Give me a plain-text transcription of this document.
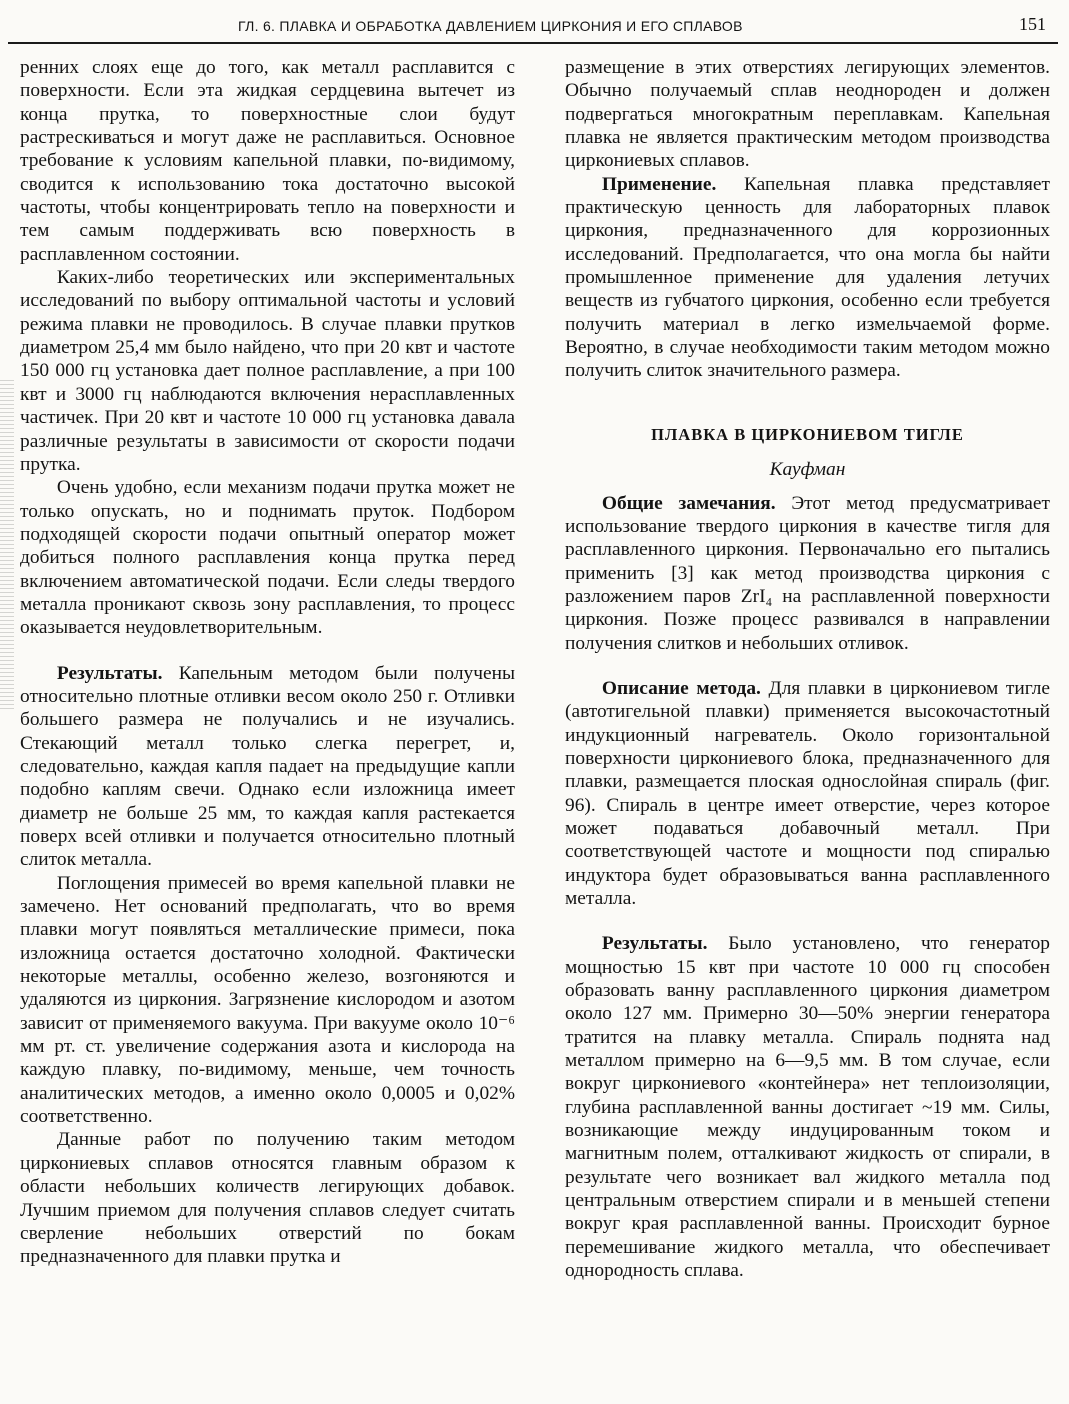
ГЛ. 6. ПЛАВКА И ОБРАБОТКА ДАВЛЕНИЕМ ЦИРКОНИЯ И ЕГО СПЛАВОВ	151

ренних слоях еще до того, как металл расплавится с поверхности. Если эта жидкая сердцевина вытечет из конца прутка, то поверхностные слои будут растрескиваться и могут даже не расплавиться. Основное требование к условиям капельной плавки, по-видимому, сводится к использованию тока достаточно высокой частоты, чтобы концентрировать тепло на поверхности и тем самым поддерживать всю поверхность в расплавленном состоянии.

Каких-либо теоретических или экспериментальных исследований по выбору оптимальной частоты и условий режима плавки не проводилось. В случае плавки прутков диаметром 25,4 мм было найдено, что при 20 квт и частоте 150 000 гц установка дает полное расплавление, а при 100 квт и 3000 гц наблюдаются включения нерасплавленных частичек. При 20 квт и частоте 10 000 гц установка давала различные результаты в зависимости от скорости подачи прутка.

Очень удобно, если механизм подачи прутка может не только опускать, но и поднимать пруток. Подбором подходящей скорости подачи опытный оператор может добиться полного расплавления конца прутка перед включением автоматической подачи. Если следы твердого металла проникают сквозь зону расплавления, то процесс оказывается неудовлетворительным.

Результаты. Капельным методом были получены относительно плотные отливки весом около 250 г. Отливки большего размера не получались и не изучались. Стекающий металл только слегка перегрет, и, следовательно, каждая капля падает на предыдущие капли подобно каплям свечи. Однако если изложница имеет диаметр не больше 25 мм, то каждая капля растекается поверх всей отливки и получается относительно плотный слиток металла.

Поглощения примесей во время капельной плавки не замечено. Нет оснований предполагать, что во время плавки могут появляться металлические примеси, пока изложница остается достаточно холодной. Фактически некоторые металлы, особенно железо, возгоняются и удаляются из циркония. Загрязнение кислородом и азотом зависит от применяемого вакуума. При вакууме около 10⁻⁶ мм рт. ст. увеличение содержания азота и кислорода на каждую плавку, по-видимому, меньше, чем точность аналитических методов, а именно около 0,0005 и 0,02% соответственно.

Данные работ по получению таким методом циркониевых сплавов относятся главным образом к области небольших количеств легирующих добавок. Лучшим приемом для получения сплавов следует считать сверление небольших отверстий по бокам предназначенного для плавки прутка и

размещение в этих отверстиях легирующих элементов. Обычно получаемый сплав неоднороден и должен подвергаться многократным переплавкам. Капельная плавка не является практическим методом производства циркониевых сплавов.

Применение. Капельная плавка представляет практическую ценность для лабораторных плавок циркония, предназначенного для коррозионных исследований. Предполагается, что она могла бы найти промышленное применение для удаления летучих веществ из губчатого циркония, особенно если требуется получить материал в легко измельчаемой форме. Вероятно, в случае необходимости таким методом можно получить слиток значительного размера.

ПЛАВКА В ЦИРКОНИЕВОМ ТИГЛЕ

Кауфман

Общие замечания. Этот метод предусматривает использование твердого циркония в качестве тигля для расплавленного циркония. Первоначально его пытались применить [3] как метод производства циркония с разложением паров ZrI₄ на расплавленной поверхности циркония. Позже процесс развивался в направлении получения слитков и небольших отливок.

Описание метода. Для плавки в циркониевом тигле (автотигельной плавки) применяется высокочастотный индукционный нагреватель. Около горизонтальной поверхности циркониевого блока, предназначенного для плавки, размещается плоская однослойная спираль (фиг. 96). Спираль в центре имеет отверстие, через которое может подаваться добавочный металл. При соответствующей частоте и мощности под спиралью индуктора будет образовываться ванна расплавленного металла.

Результаты. Было установлено, что генератор мощностью 15 квт при частоте 10 000 гц способен образовать ванну расплавленного циркония диаметром около 127 мм. Примерно 30—50% энергии генератора тратится на плавку металла. Спираль поднята над металлом примерно на 6—9,5 мм. В том случае, если вокруг циркониевого «контейнера» нет теплоизоляции, глубина расплавленной ванны достигает ~19 мм. Силы, возникающие между индуцированным током и магнитным полем, отталкивают жидкость от спирали, в результате чего возникает вал жидкого металла под центральным отверстием спирали и в меньшей степени вокруг края расплавленной ванны. Происходит бурное перемешивание жидкого металла, что обеспечивает однородность сплава.
